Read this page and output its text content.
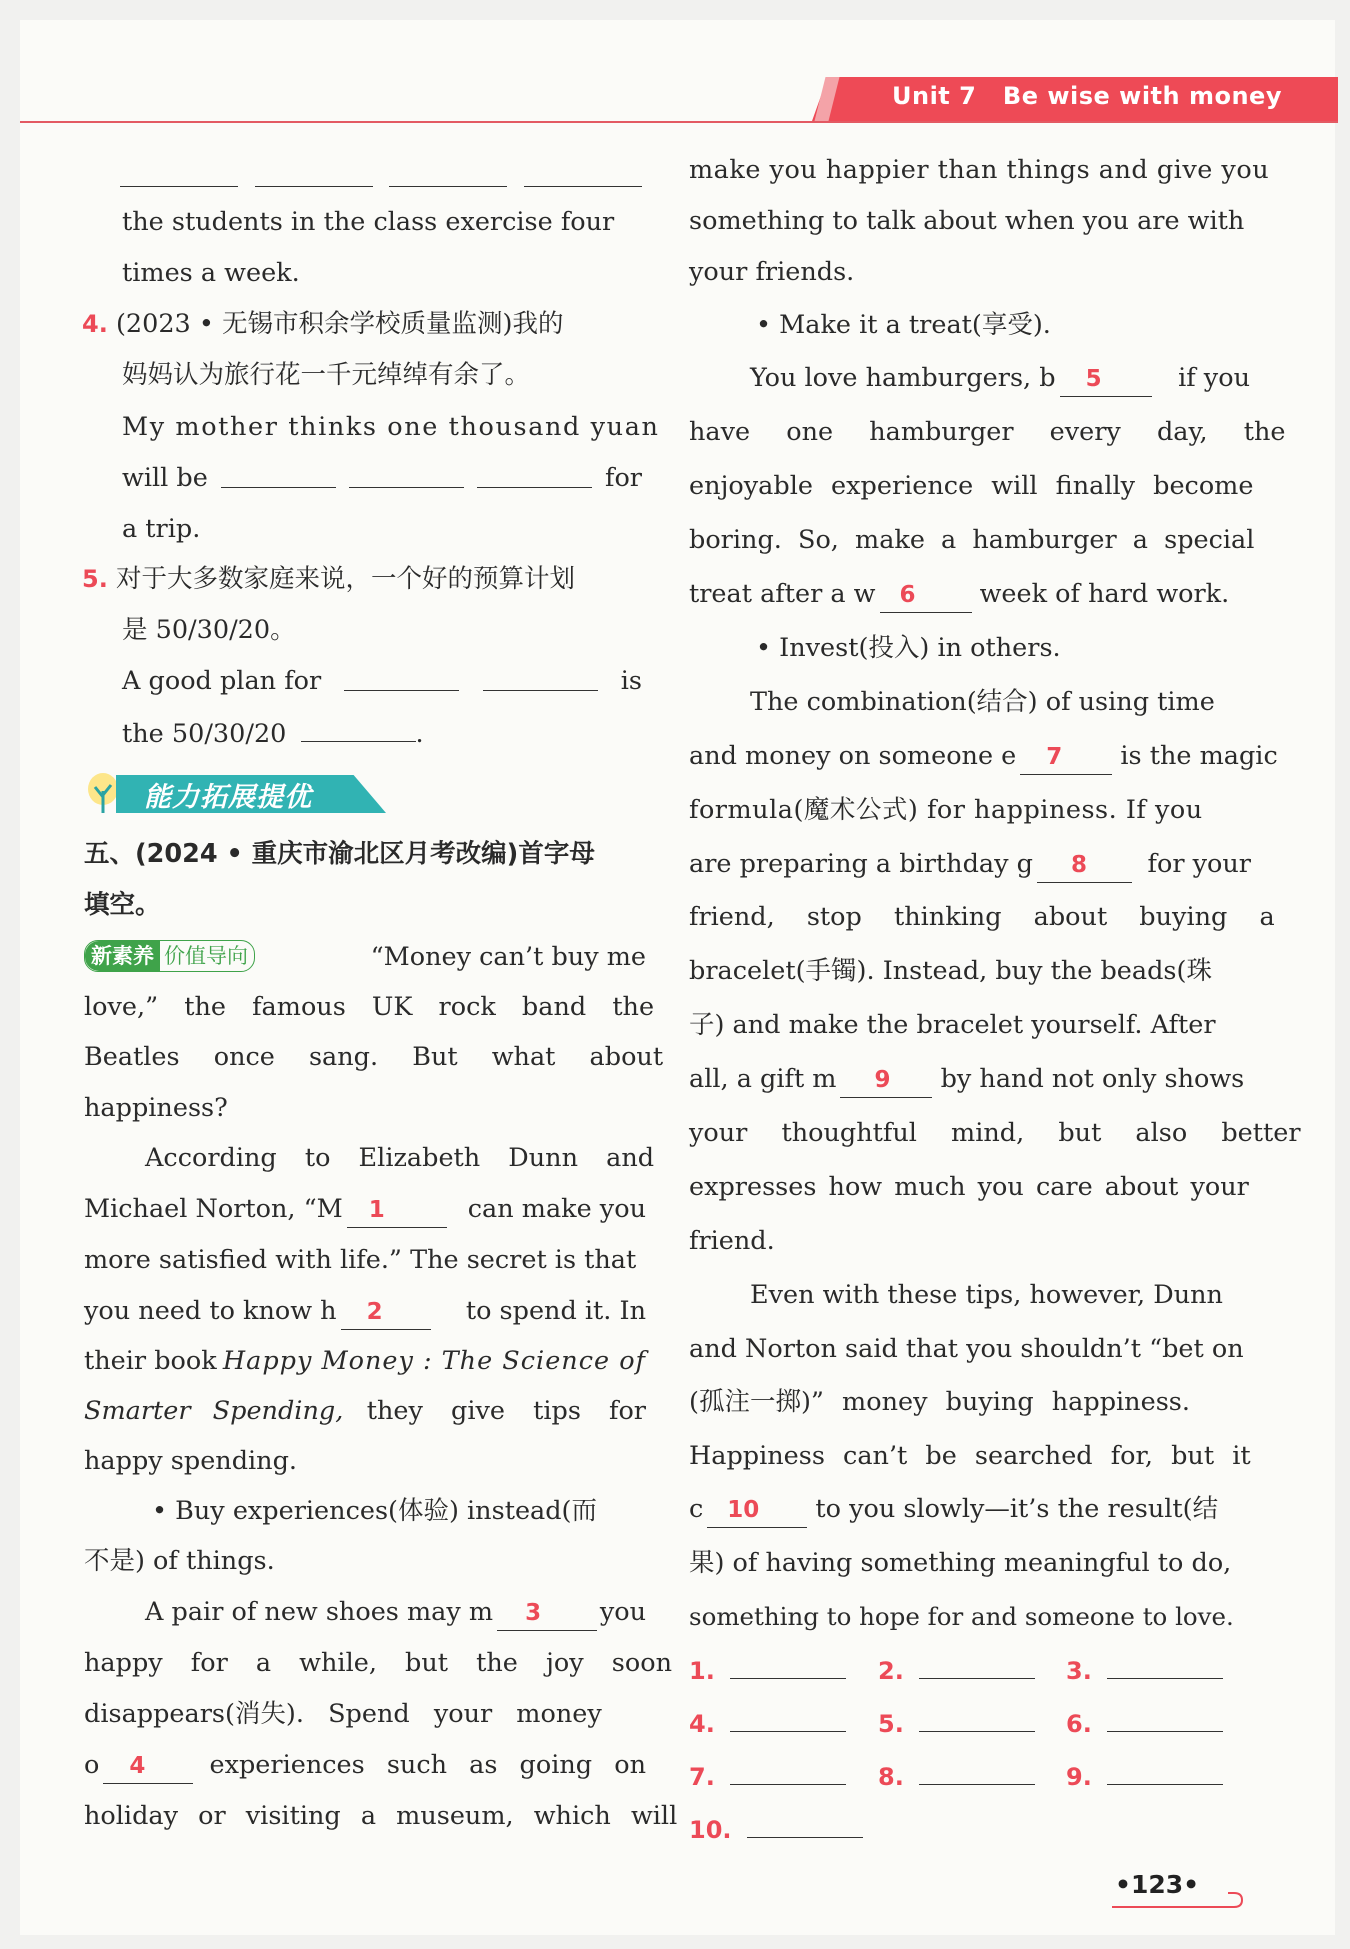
Unit 7 Be wise with money
the students in the class exercise four
times a week.
4. (2023 • 无锡市积余学校质量监测)我的
妈妈认为旅行花一千元绰绰有余了。
My mother thinks one thousand yuan
will be	for
a trip.
5. 对于大多数家庭来说，一个好的预算计划
是 50/30/20。
A good plan for	is
the 50/30/20	.
能力拓展提优
五、(2024 • 重庆市渝北区月考改编)首字母
填空。
新素养 价值导向	“Money can’t buy me
love,” the famous UK rock band the
Beatles once sang. But what about
happiness?
According to Elizabeth Dunn and
Michael Norton, “M 1	can make you
more satisfied with life.” The secret is that
you need to know h 2	to spend it. In
their book Happy Money : The Science of
Smarter Spending, they give tips for
happy spending.
• Buy experiences(体验) instead(而
不是) of things.
A pair of new shoes may m 3	you
happy for a while, but the joy soon
disappears(消失). Spend your money
o 4	experiences such as going on
holiday or visiting a museum, which will
make you happier than things and give you
something to talk about when you are with
your friends.
• Make it a treat(享受).
You love hamburgers, b 5	if you
have one hamburger every day, the
enjoyable experience will finally become
boring. So, make a hamburger a special
treat after a w 6	week of hard work.
• Invest(投入) in others.
The combination(结合) of using time
and money on someone e 7 is the magic
formula(魔术公式) for happiness. If you
are preparing a birthday g 8	for your
friend, stop thinking about buying a
bracelet(手镯). Instead, buy the beads(珠
子) and make the bracelet yourself. After
all, a gift m 9 by hand not only shows
your thoughtful mind, but also better
expresses how much you care about your
friend.
Even with these tips, however, Dunn
and Norton said that you shouldn’t “bet on
(孤注一掷)” money buying happiness.
Happiness can’t be searched for, but it
c 10 to you slowly—it’s the result(结
果) of having something meaningful to do,
something to hope for and someone to love.
1.	2.	3.
4.	5.	6.
7.	8.	9.
10.
•123•
